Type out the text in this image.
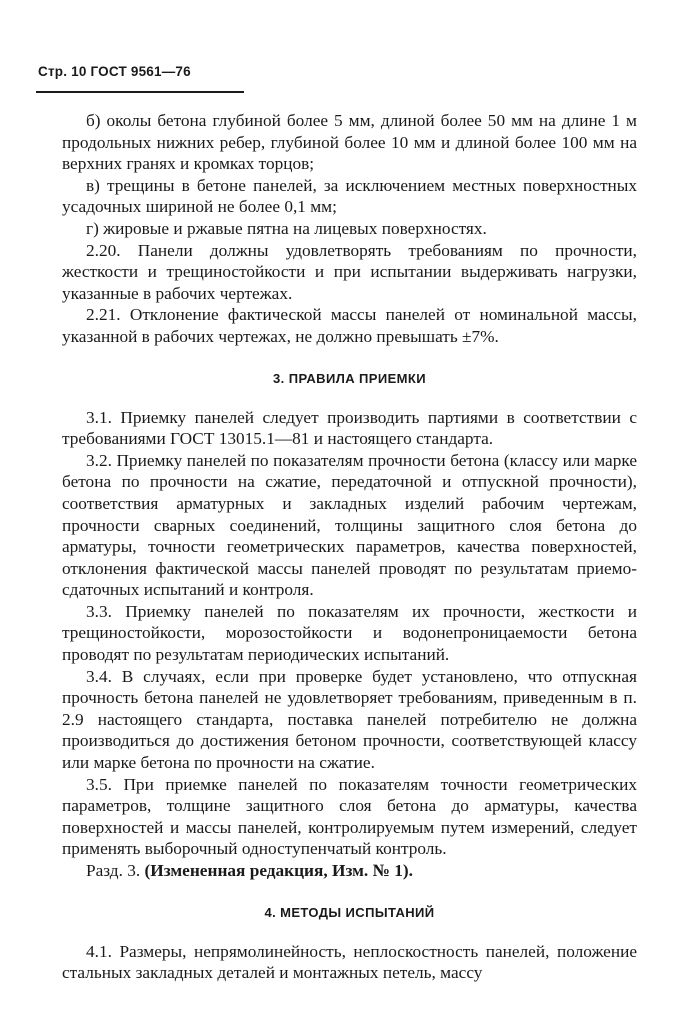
Стр. 10 ГОСТ 9561—76

б) околы бетона глубиной более 5 мм, длиной более 50 мм на длине 1 м продольных нижних ребер, глубиной более 10 мм и длиной более 100 мм на верхних гранях и кромках торцов;

в) трещины в бетоне панелей, за исключением местных поверхностных усадочных шириной не более 0,1 мм;

г) жировые и ржавые пятна на лицевых поверхностях.

2.20. Панели должны удовлетворять требованиям по прочности, жесткости и трещиностойкости и при испытании выдерживать нагрузки, указанные в рабочих чертежах.

2.21. Отклонение фактической массы панелей от номинальной массы, указанной в рабочих чертежах, не должно превышать ±7%.

3. ПРАВИЛА ПРИЕМКИ

3.1. Приемку панелей следует производить партиями в соответствии с требованиями ГОСТ 13015.1—81 и настоящего стандарта.

3.2. Приемку панелей по показателям прочности бетона (классу или марке бетона по прочности на сжатие, передаточной и отпускной прочности), соответствия арматурных и закладных изделий рабочим чертежам, прочности сварных соединений, толщины защитного слоя бетона до арматуры, точности геометрических параметров, качества поверхностей, отклонения фактической массы панелей проводят по результатам приемо-сдаточных испытаний и контроля.

3.3. Приемку панелей по показателям их прочности, жесткости и трещиностойкости, морозостойкости и водонепроницаемости бетона проводят по результатам периодических испытаний.

3.4. В случаях, если при проверке будет установлено, что отпускная прочность бетона панелей не удовлетворяет требованиям, приведенным в п. 2.9 настоящего стандарта, поставка панелей потребителю не должна производиться до достижения бетоном прочности, соответствующей классу или марке бетона по прочности на сжатие.

3.5. При приемке панелей по показателям точности геометрических параметров, толщине защитного слоя бетона до арматуры, качества поверхностей и массы панелей, контролируемым путем измерений, следует применять выборочный одноступенчатый контроль.

Разд. 3. (Измененная редакция, Изм. № 1).

4. МЕТОДЫ ИСПЫТАНИЙ

4.1. Размеры, непрямолинейность, неплоскостность панелей, положение стальных закладных деталей и монтажных петель, массу
